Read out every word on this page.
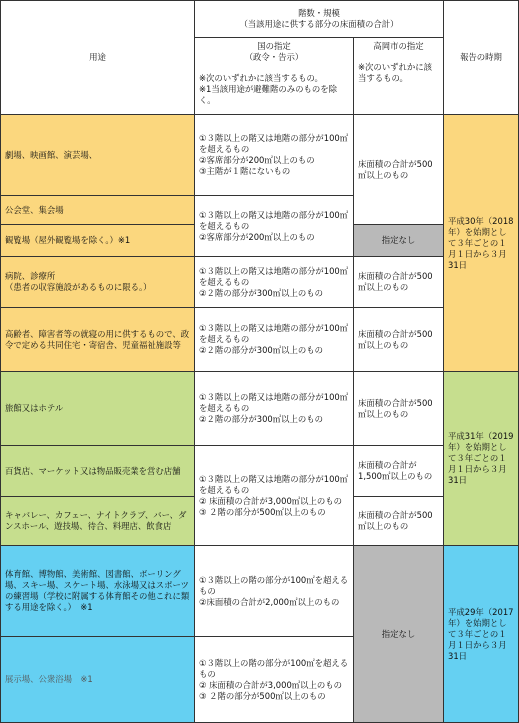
用途
階数・規模
（当該用途に供する部分の床面積の合計）
国の指定
（政令・告示）
※次のいずれかに該当するもの。
※1当該用途が避難階のみのものを除く。
高岡市の指定
※次のいずれかに該当するもの。
報告の時期
劇場、映画館、演芸場、
公会堂、集会場
観覧場（屋外観覧場を除く。）※1
病院、診療所
（患者の収容施設があるものに限る。）
高齢者、障害者等の就寝の用に供するもので、政令で定める共同住宅・寄宿舎、児童福祉施設等
①３階以上の階又は地階の部分が100㎡を超えるもの
②客席部分が200㎡以上のもの
③主階が１階にないもの
①３階以上の階又は地階の部分が100㎡を超えるもの
②客席部分が200㎡以上のもの
①３階以上の階又は地階の部分が100㎡を超えるもの
②２階の部分が300㎡以上のもの
①３階以上の階又は地階の部分が100㎡を超えるもの
②２階の部分が300㎡以上のもの
床面積の合計が500㎡以上のもの
指定なし
床面積の合計が500㎡以上のもの
床面積の合計が500㎡以上のもの
平成30年（2018年）を始期として３年ごとの１月１日から３月31日
旅館又はホテル
百貨店、マーケット又は物品販売業を営む店舗
キャバレー、カフェー、ナイトクラブ、バー、ダンスホール、遊技場、待合、料理店、飲食店
①３階以上の階又は地階の部分が100㎡を超えるもの
②２階の部分が300㎡以上のもの
①３階以上の階又は地階の部分が100㎡を超えるもの
② 床面積の合計が3,000㎡以上のもの
③ ２階の部分が500㎡以上のもの
床面積の合計が500㎡以上のもの
床面積の合計が1,500㎡以上のもの
床面積の合計が500㎡以上のもの
平成31年（2019年）を始期として３年ごとの１月１日から３月31日
体育館、博物館、美術館、図書館、ボーリング場、スキー場、スケート場、水泳場又はスポーツの練習場（学校に附属する体育館その他これに類する用途を除く。）　※1
展示場、公衆浴場　※1
①３階以上の階の部分が100㎡を超えるもの
②床面積の合計が2,000㎡以上のもの
①３階以上の階の部分が100㎡を超えるもの
② 床面積の合計が3,000㎡以上のもの
③ ２階の部分が500㎡以上のもの
指定なし
平成29年（2017年）を始期として３年ごとの１月１日から３月31日
